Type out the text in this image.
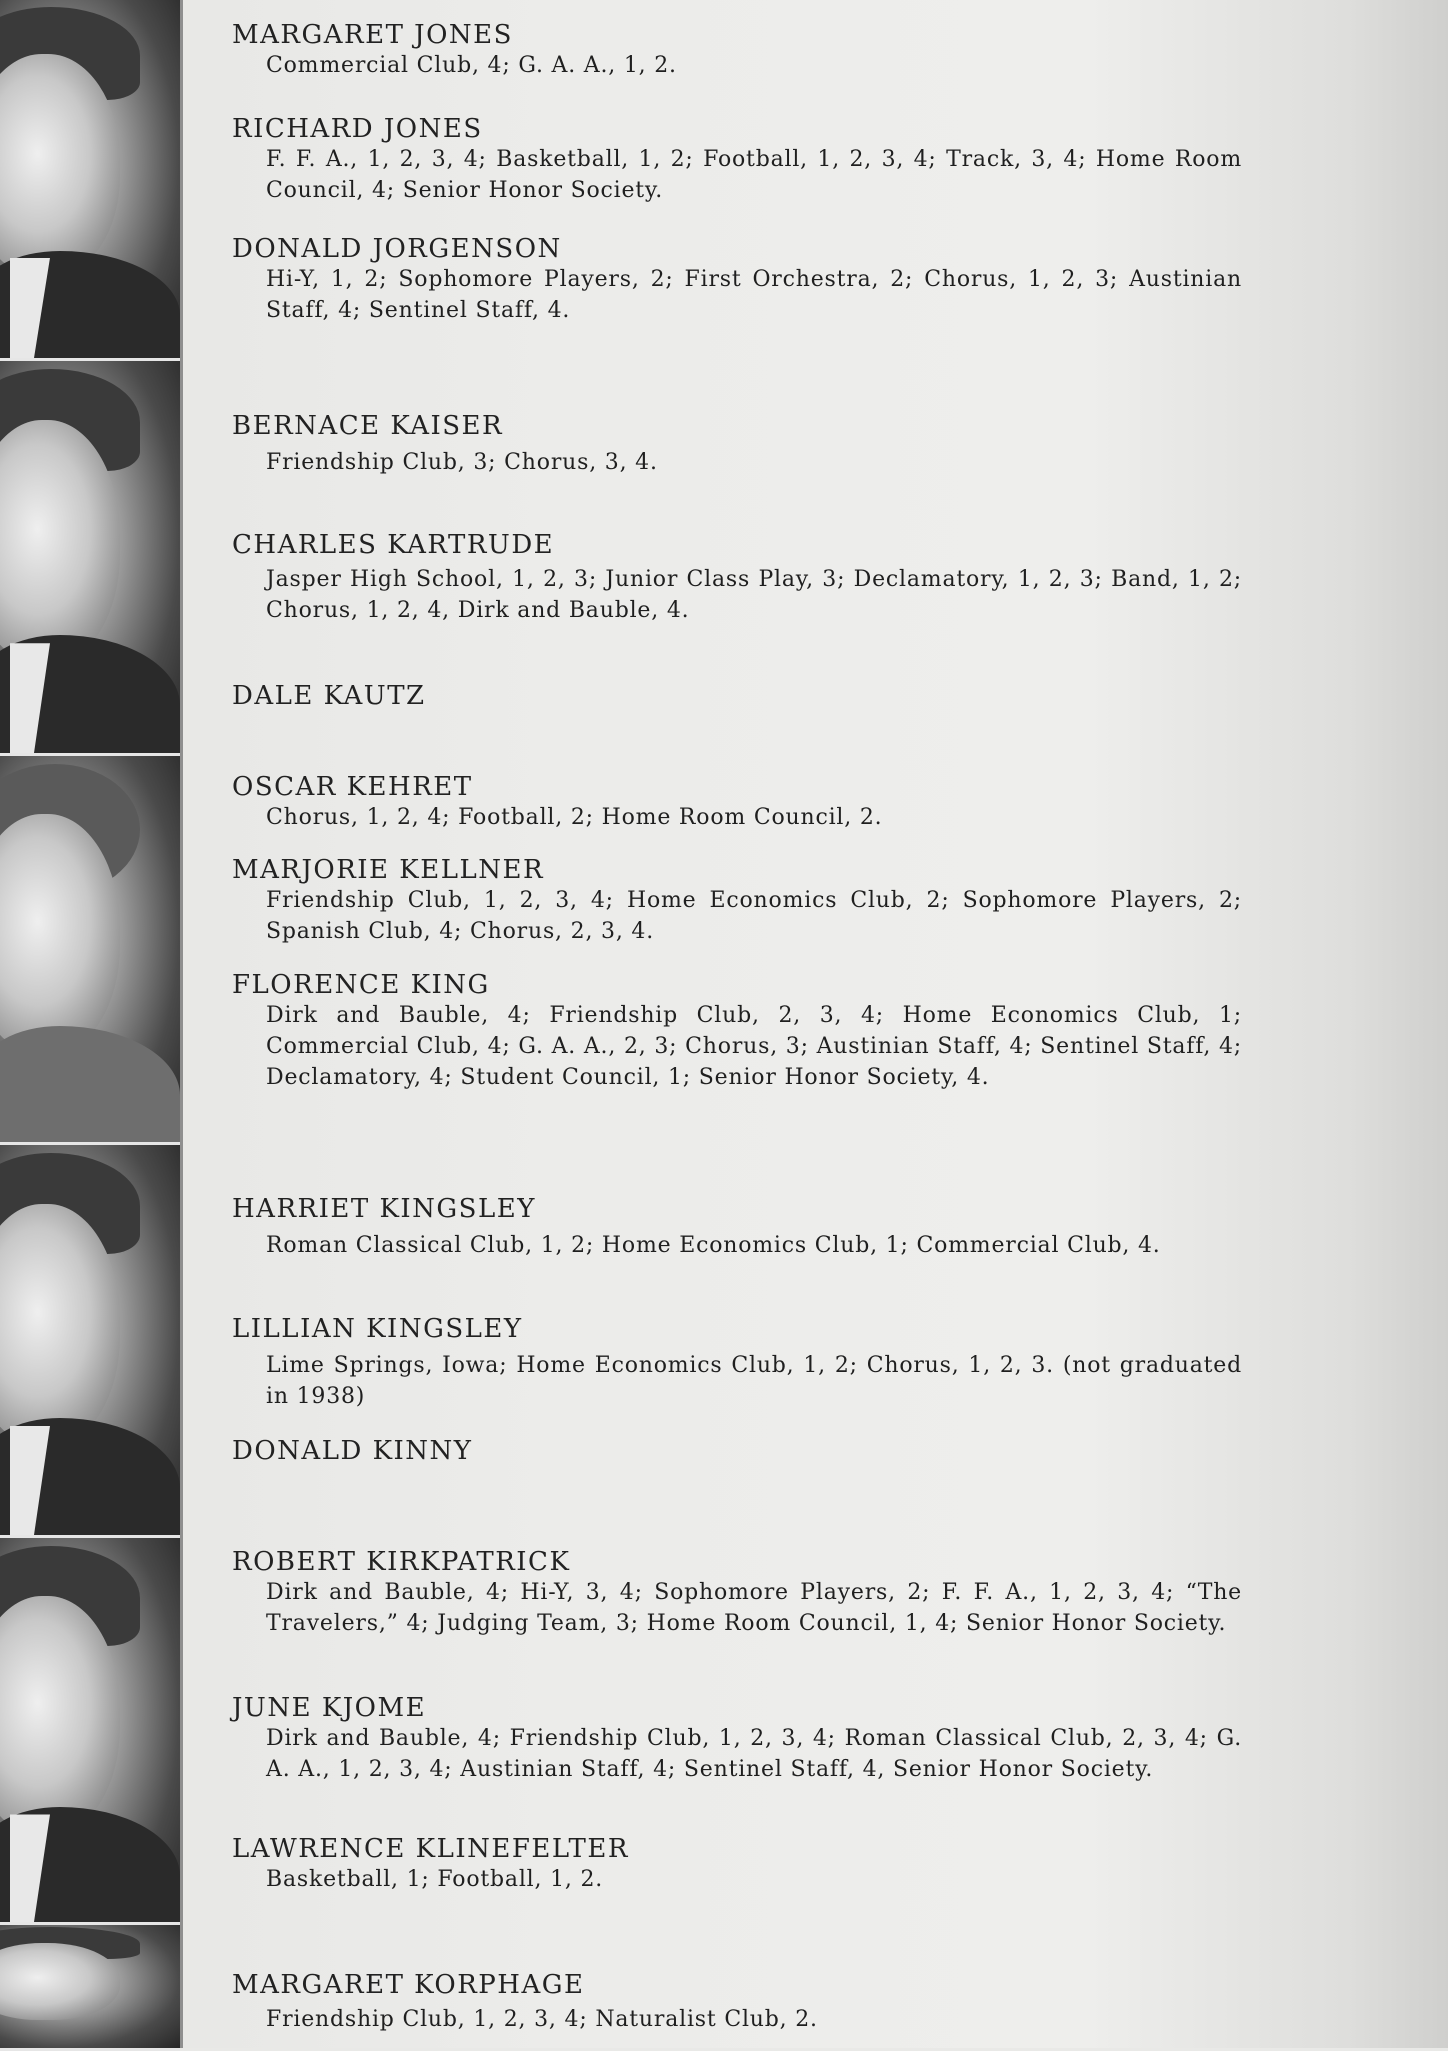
MARGARET JONES
Commercial Club, 4; G. A. A., 1, 2.
RICHARD JONES
F. F. A., 1, 2, 3, 4; Basketball, 1, 2; Football, 1, 2, 3, 4; Track, 3, 4; Home Room Council, 4; Senior Honor Society.
DONALD JORGENSON
Hi-Y, 1, 2; Sophomore Players, 2; First Orchestra, 2; Chorus, 1, 2, 3; Austinian Staff, 4; Sentinel Staff, 4.
BERNACE KAISER
Friendship Club, 3; Chorus, 3, 4.
CHARLES KARTRUDE
Jasper High School, 1, 2, 3; Junior Class Play, 3; Declamatory, 1, 2, 3; Band, 1, 2; Chorus, 1, 2, 4, Dirk and Bauble, 4.
DALE KAUTZ
OSCAR KEHRET
Chorus, 1, 2, 4; Football, 2; Home Room Council, 2.
MARJORIE KELLNER
Friendship Club, 1, 2, 3, 4; Home Economics Club, 2; Sophomore Players, 2; Spanish Club, 4; Chorus, 2, 3, 4.
FLORENCE KING
Dirk and Bauble, 4; Friendship Club, 2, 3, 4; Home Economics Club, 1; Commercial Club, 4; G. A. A., 2, 3; Chorus, 3; Austinian Staff, 4; Sentinel Staff, 4; Declamatory, 4; Student Council, 1; Senior Honor Society, 4.
HARRIET KINGSLEY
Roman Classical Club, 1, 2; Home Economics Club, 1; Commercial Club, 4.
LILLIAN KINGSLEY
Lime Springs, Iowa; Home Economics Club, 1, 2; Chorus, 1, 2, 3. (not graduated in 1938)
DONALD KINNY
ROBERT KIRKPATRICK
Dirk and Bauble, 4; Hi-Y, 3, 4; Sophomore Players, 2; F. F. A., 1, 2, 3, 4; “The Travelers,” 4; Judging Team, 3; Home Room Council, 1, 4; Senior Honor Society.
JUNE KJOME
Dirk and Bauble, 4; Friendship Club, 1, 2, 3, 4; Roman Classical Club, 2, 3, 4; G. A. A., 1, 2, 3, 4; Austinian Staff, 4; Sentinel Staff, 4, Senior Honor Society.
LAWRENCE KLINEFELTER
Basketball, 1; Football, 1, 2.
MARGARET KORPHAGE
Friendship Club, 1, 2, 3, 4; Naturalist Club, 2.
